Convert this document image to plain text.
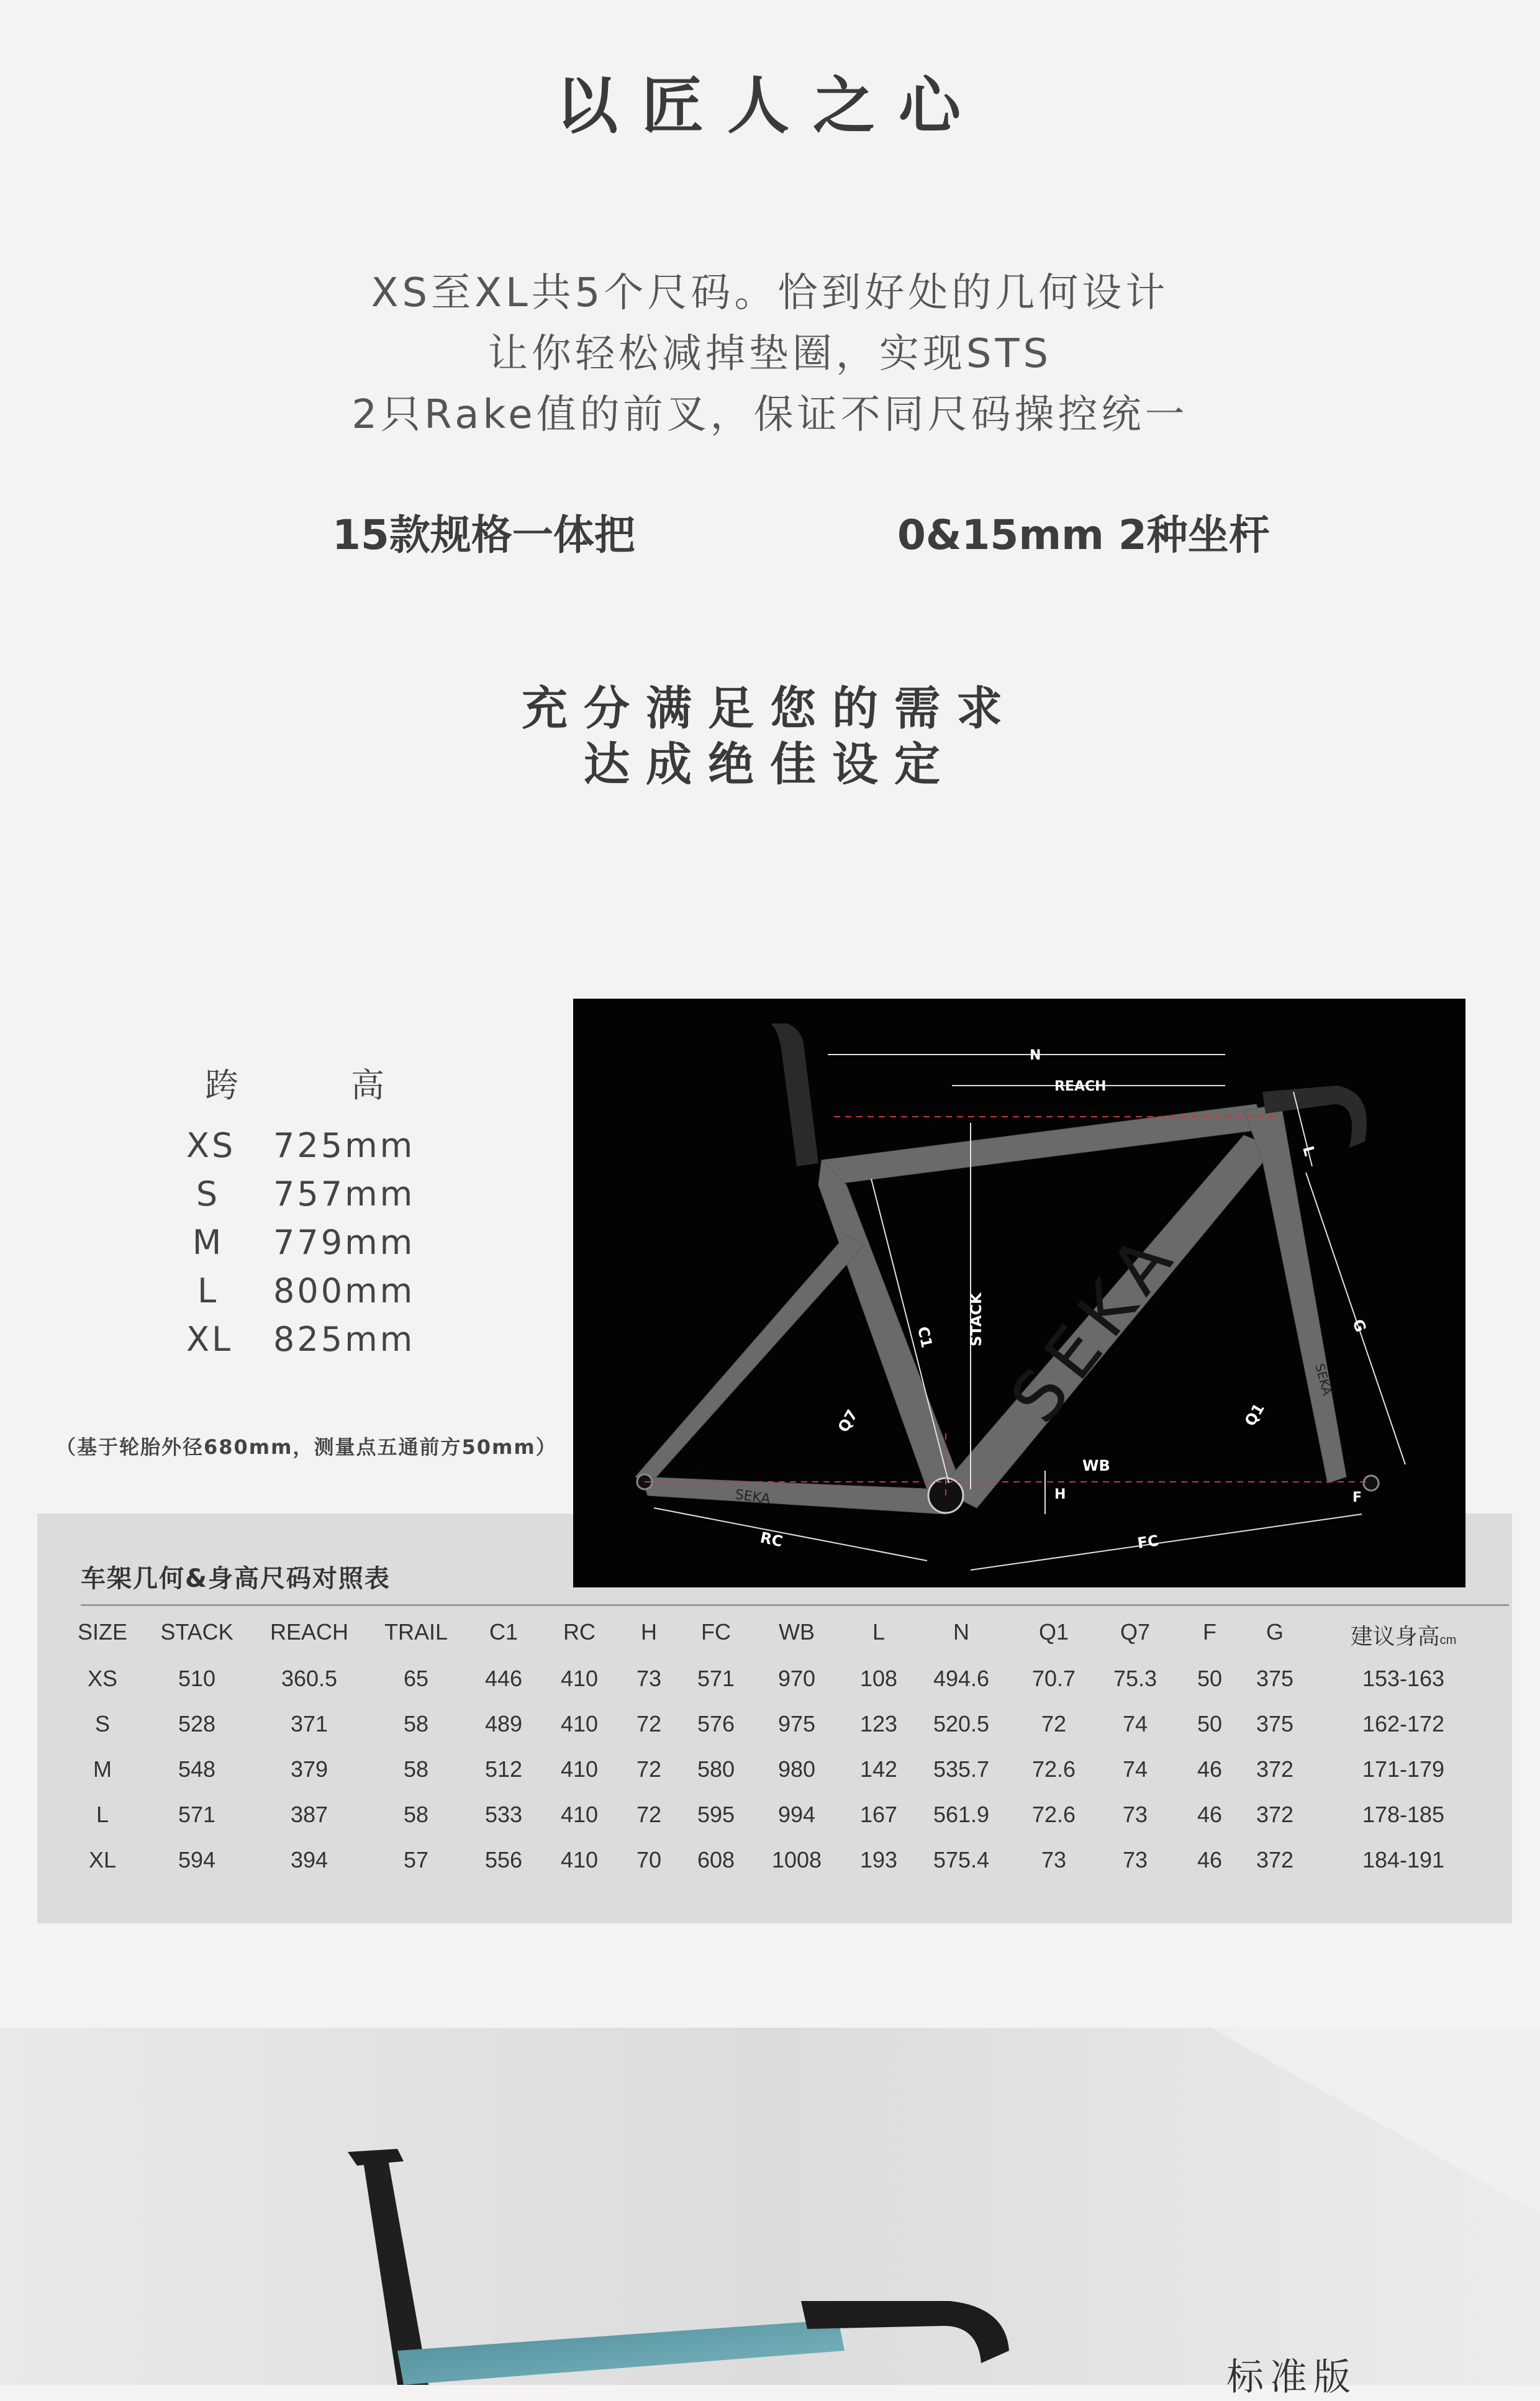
以匠人之心
XS至XL共5个尺码。恰到好处的几何设计
让你轻松减掉垫圈，实现STS
2只Rake值的前叉，保证不同尺码操控统一
15款规格一体把	0&15mm 2种坐杆
充分满足您的需求
达成绝佳设定
跨	高
XS 725mm
S 757mm
M 779mm
L	800mm
XL 825mm
（基于轮胎外径680mm，测量点五通前方50mm）
车架几何&身高尺码对照表
SIZE	STACK	REACH	TRAIL	C1	RC	H	FC	WB	L	N	Q1	Q7	F	G	建议身高cm
XS	510	360.5	65	446	410	73	571	970	108	494.6	70.7	75.3	50	375	153-163
S	528	371	58	489	410	72	576	975	123	520.5	72	74	50	375	162-172
M	548	379	58	512	410	72	580	980	142	535.7	72.6	74	46	372	171-179
L	571	387	58	533	410	72	595	994	167	561.9	72.6	73	46	372	178-185
XL	594	394	57	556	410	70	608	1008	193	575.4	73	73	46	372	184-191
N
REACH
STACK
C1
L
G
Q7	Q1
WB
H	F
RC	FC
SEKA
SEKA
SEKA
标准版
